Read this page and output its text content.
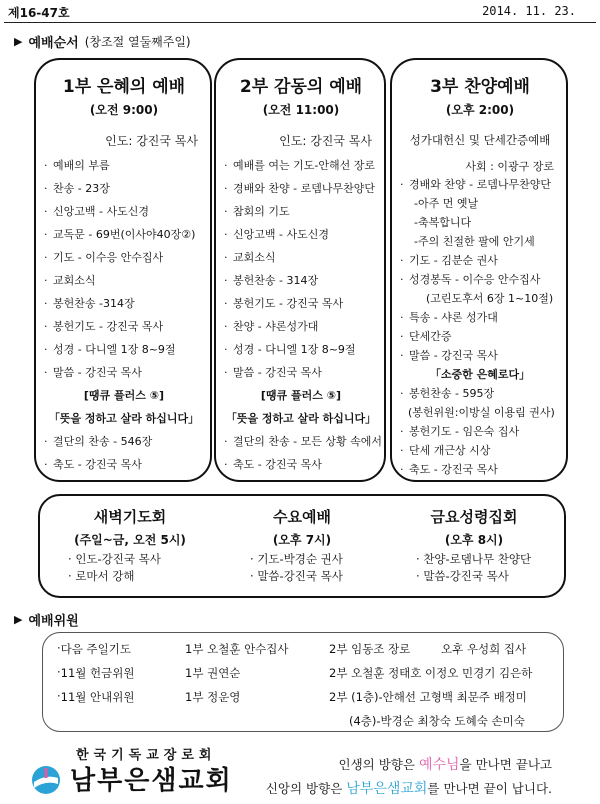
제16-47호	2014. 11. 23.
▶ 예배순서 (창조절 열둘째주일)
1부 은혜의 예배
(오전 9:00)
인도: 강진국 목사
· 예배의 부름
· 찬송 - 23장
· 신앙고백 - 사도신경
· 교독문 - 69번(이사야40장②)
· 기도 - 이수응 안수집사
· 교회소식
· 봉헌찬송 -314장
· 봉헌기도 - 강진국 목사
· 성경 - 다니엘 1장 8~9절
· 말씀 - 강진국 목사
[땡큐 플러스 ⑤]
「뜻을 정하고 살라 하십니다」
· 결단의 찬송 - 546장
· 축도 - 강진국 목사
2부 감동의 예배
(오전 11:00)
인도: 강진국 목사
· 예배를 여는 기도-안해선 장로
· 경배와 찬양 - 로뎀나무찬양단
· 참회의 기도
· 신앙고백 - 사도신경
· 교회소식
· 봉헌찬송 - 314장
· 봉헌기도 - 강진국 목사
· 찬양 - 샤론성가대
· 성경 - 다니엘 1장 8~9절
· 말씀 - 강진국 목사
[땡큐 플러스 ⑤]
「뜻을 정하고 살라 하십니다」
· 결단의 찬송 - 모든 상황 속에서
· 축도 - 강진국 목사
3부 찬양예배
(오후 2:00)
성가대헌신 및 단세간증예배
사회 : 이광구 장로
· 경배와 찬양 - 로뎀나무찬양단
-아주 먼 옛날
-축복합니다
-주의 친절한 팔에 안기세
· 기도 - 김분순 권사
· 성경봉독 - 이수응 안수집사
(고린도후서 6장 1~10절)
· 특송 - 샤론 성가대
· 단세간증
· 말씀 - 강진국 목사
「소중한 은혜로다」
· 봉헌찬송 - 595장
(봉헌위원:이방실 이용림 권사)
· 봉헌기도 - 임은숙 집사
· 단세 개근상 시상
· 축도 - 강진국 목사
새벽기도회
(주일~금, 오전 5시)
· 인도-강진국 목사
· 로마서 강해
수요예배
(오후 7시)
· 기도-박경순 권사
· 말씀-강진국 목사
금요성령집회
(오후 8시)
· 찬양-로뎀나무 찬양단
· 말씀-강진국 목사
▶ 예배위원
· 다음 주일기도	1부 오철훈 안수집사	2부 임동조 장로	오후 우성희 집사
· 11월 헌금위원	1부 권연순	2부 오철훈 정태호 이정오 민경기 김은하
· 11월 안내위원	1부 정운영	2부 (1층)-안해선 고형백 최문주 배정미
(4층)-박경순 최창숙 도혜숙 손미숙
한국기독교장로회
남부은샘교회
인생의 방향은 예수님을 만나면 끝나고
신앙의 방향은 남부은샘교회를 만나면 끝이 납니다.
